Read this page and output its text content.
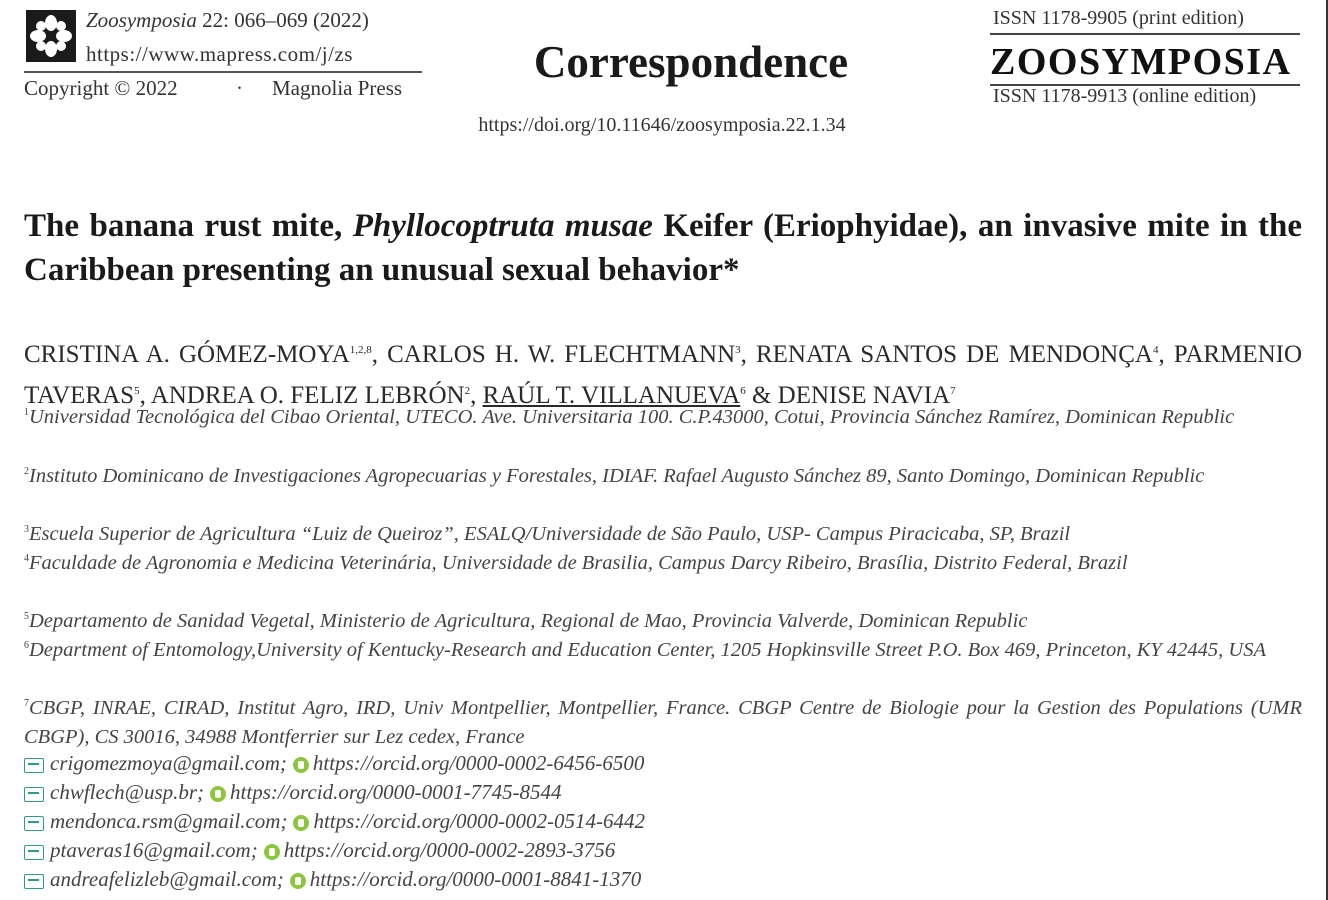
Zoosymposia 22: 066–069 (2022)
https://www.mapress.com/j/zs
Copyright © 2022	· Magnolia Press
Correspondence
https://doi.org/10.11646/zoosymposia.22.1.34
ISSN 1178-9905 (print edition)
ZOOSYMPOSIA
ISSN 1178-9913 (online edition)
The banana rust mite, Phyllocoptruta musae Keifer (Eriophyidae), an invasive mite in the Caribbean presenting an unusual sexual behavior*
CRISTINA A. GÓMEZ-MOYA$^{1,2,8}$, CARLOS H. W. FLECHTMANN$^3$, RENATA SANTOS DE MENDONÇA$^4$, PARMENIO TAVERAS$^5$, ANDREA O. FELIZ LEBRÓN$^2$, RAÚL T. VILLANUEVA$^6$ & DENISE NAVIA$^7$
$^1$Universidad Tecnológica del Cibao Oriental, UTECO. Ave. Universitaria 100. C.P.43000, Cotui, Provincia Sánchez Ramírez, Dominican Republic
$^2$Instituto Dominicano de Investigaciones Agropecuarias y Forestales, IDIAF. Rafael Augusto Sánchez 89, Santo Domingo, Dominican Republic
$^3$Escuela Superior de Agricultura “Luiz de Queiroz”, ESALQ/Universidade de São Paulo, USP- Campus Piracicaba, SP, Brazil
$^4$Faculdade de Agronomia e Medicina Veterinária, Universidade de Brasilia, Campus Darcy Ribeiro, Brasília, Distrito Federal, Brazil
$^5$Departamento de Sanidad Vegetal, Ministerio de Agricultura, Regional de Mao, Provincia Valverde, Dominican Republic
$^6$Department of Entomology,University of Kentucky-Research and Education Center, 1205 Hopkinsville Street P.O. Box 469, Princeton, KY 42445, USA
$^7$CBGP, INRAE, CIRAD, Institut Agro, IRD, Univ Montpellier, Montpellier, France. CBGP Centre de Biologie pour la Gestion des Populations (UMR CBGP), CS 30016, 34988 Montferrier sur Lez cedex, France
crigomezmoya@gmail.com; https://orcid.org/0000-0002-6456-6500
chwflech@usp.br; https://orcid.org/0000-0001-7745-8544
mendonca.rsm@gmail.com; https://orcid.org/0000-0002-0514-6442
ptaveras16@gmail.com; https://orcid.org/0000-0002-2893-3756
andreafelizleb@gmail.com; https://orcid.org/0000-0001-8841-1370
